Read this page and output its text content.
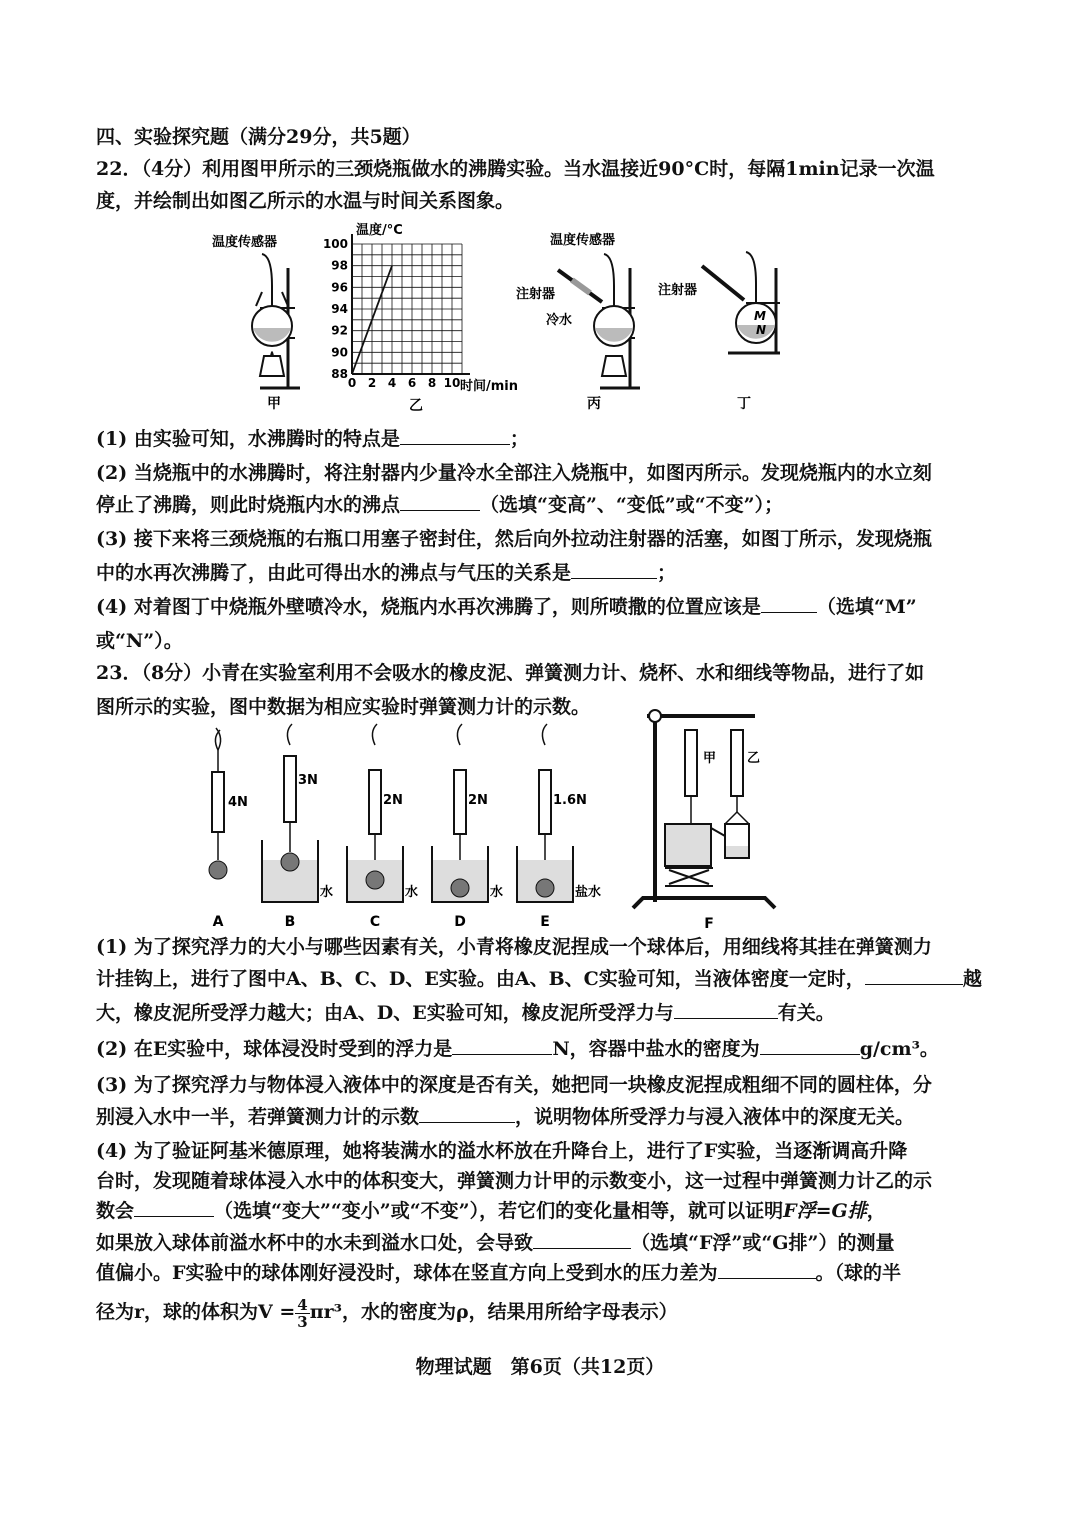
四、实验探究题（满分29分，共5题）
22．（4分）利用图甲所示的三颈烧瓶做水的沸腾实验。当水温接近90°C时，每隔1min记录一次温
度，并绘制出如图乙所示的水温与时间关系图象。
甲
温度传感器
0 2 4 6 8 10
88
90
92
94
96
98
100
温度/°C
时间/min
乙
温度传感器
注射器
冷水
丙
注射器
M
N
丁
(1) 由实验可知，水沸腾时的特点是	；
(2) 当烧瓶中的水沸腾时，将注射器内少量冷水全部注入烧瓶中，如图丙所示。发现烧瓶内的水立刻
停止了沸腾，则此时烧瓶内水的沸点	（选填“变高”、“变低”或“不变”）；
(3) 接下来将三颈烧瓶的右瓶口用塞子密封住，然后向外拉动注射器的活塞，如图丁所示，发现烧瓶
中的水再次沸腾了，由此可得出水的沸点与气压的关系是	；
(4) 对着图丁中烧瓶外壁喷冷水，烧瓶内水再次沸腾了，则所喷撒的位置应该是	（选填“M”
或“N”）。
23．（8分）小青在实验室利用不会吸水的橡皮泥、弹簧测力计、烧杯、水和细线等物品，进行了如
图所示的实验，图中数据为相应实验时弹簧测力计的示数。
4N
A
3N
水
B
2N
水
C
2N
水
D
1.6N
盐水
E
甲 乙
F
(1) 为了探究浮力的大小与哪些因素有关，小青将橡皮泥捏成一个球体后，用细线将其挂在弹簧测力
计挂钩上，进行了图中A、B、C、D、E实验。由A、B、C实验可知，当液体密度一定时，	越
大，橡皮泥所受浮力越大；由A、D、E实验可知，橡皮泥所受浮力与	有关。
(2) 在E实验中，球体浸没时受到的浮力是	N，容器中盐水的密度为	g/cm³。
(3) 为了探究浮力与物体浸入液体中的深度是否有关，她把同一块橡皮泥捏成粗细不同的圆柱体，分
别浸入水中一半，若弹簧测力计的示数	，说明物体所受浮力与浸入液体中的深度无关。
(4) 为了验证阿基米德原理，她将装满水的溢水杯放在升降台上，进行了F实验，当逐渐调高升降
台时，发现随着球体浸入水中的体积变大，弹簧测力计甲的示数变小，这一过程中弹簧测力计乙的示
数会	（选填“变大”“变小”或“不变”），若它们的变化量相等，就可以证明F浮=G排，
如果放入球体前溢水杯中的水未到溢水口处，会导致	（选填“F浮”或“G排”）的测量
值偏小。F实验中的球体刚好浸没时，球体在竖直方向上受到水的压力差为	。（球的半
径为r，球的体积为$V = \frac{4}{3} \pi r^3$，水的密度为ρ，结果用所给字母表示）
物理试题　第6页（共12页）
